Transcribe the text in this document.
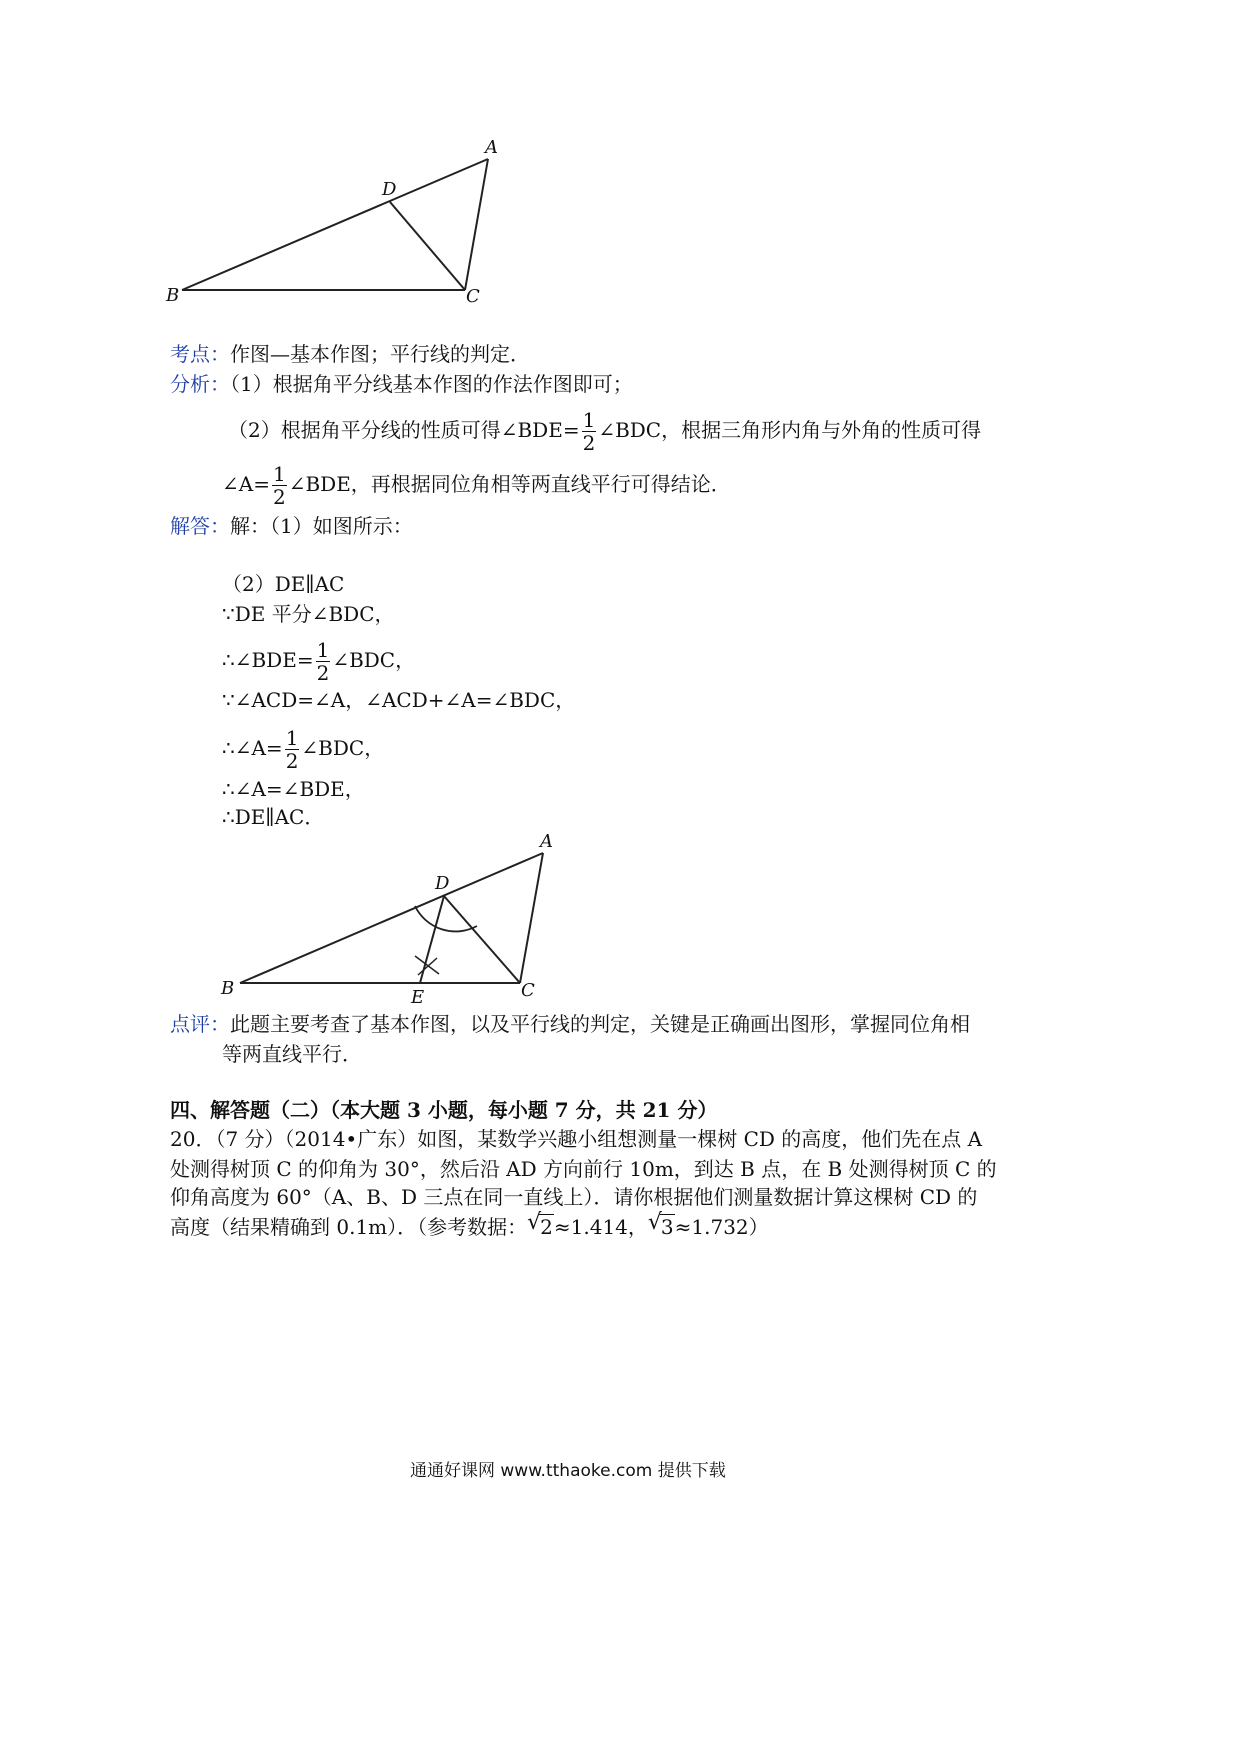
A
B	C
D
考点：作图—基本作图；平行线的判定．
分析：（1）根据角平分线基本作图的作法作图即可；
（2）根据角平分线的性质可得∠BDE= $\frac{1}{2}$ ∠BDC，根据三角形内角与外角的性质可得
∠A= $\frac{1}{2}$ ∠BDE，再根据同位角相等两直线平行可得结论．
解答：解：（1）如图所示：
（2）DE∥AC
∵DE 平分∠BDC，
∴∠BDE= $\frac{1}{2}$ ∠BDC，
∵∠ACD=∠A，∠ACD+∠A=∠BDC，
∴∠A= $\frac{1}{2}$ ∠BDC，
∴∠A=∠BDE，
∴DE∥AC．
A
B	C
D
E
点评：此题主要考查了基本作图，以及平行线的判定，关键是正确画出图形，掌握同位角相
等两直线平行．
四、解答题（二）（本大题 3 小题，每小题 7 分，共 21 分）
20．（7 分）（2014•广东）如图，某数学兴趣小组想测量一棵树 CD 的高度，他们先在点 A
处测得树顶 C 的仰角为 30°，然后沿 AD 方向前行 10m，到达 B 点，在 B 处测得树顶 C 的
仰角高度为 60°（A、B、D 三点在同一直线上）．请你根据他们测量数据计算这棵树 CD 的
高度（结果精确到 0.1m）．（参考数据： √
2≈1.414， √
3≈1.732）
通通好课网 www.tthaoke.com 提供下载
